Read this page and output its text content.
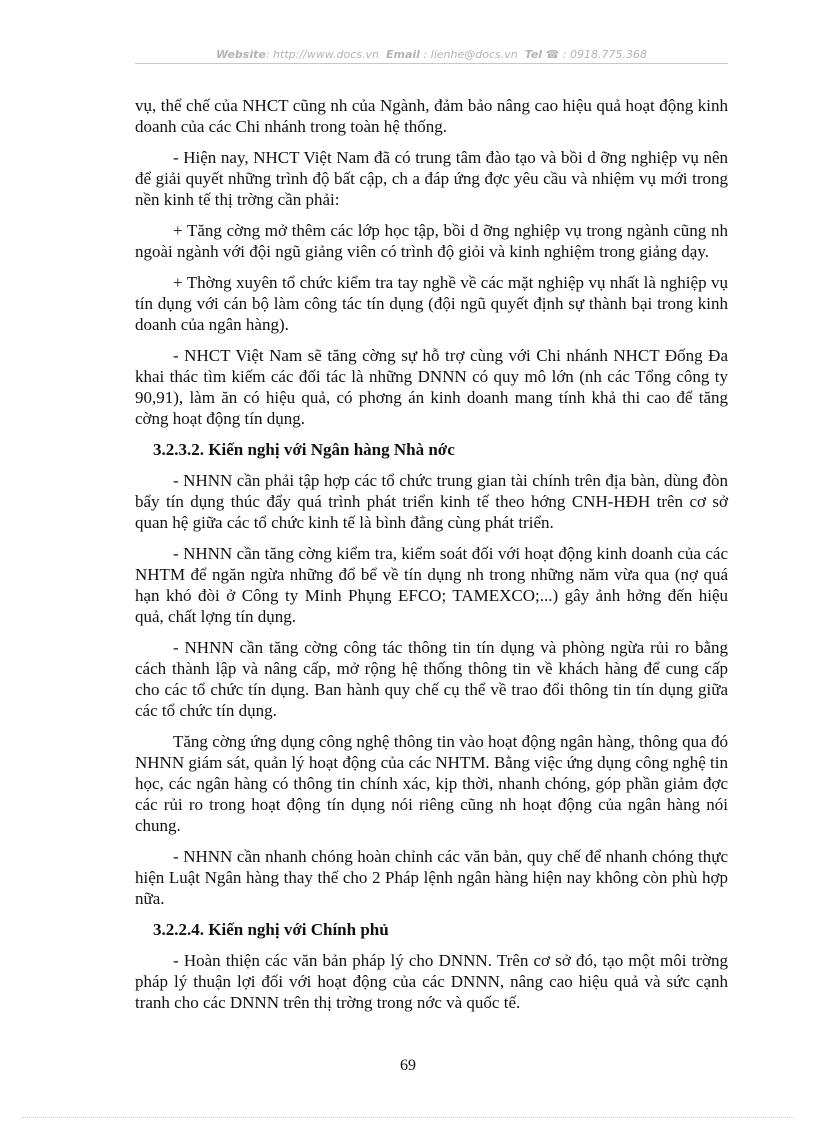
Website: http://www.docs.vn Email : lienhe@docs.vn Tel ☎ : 0918.775.368

vụ, thể chế của NHCT cũng nh của Ngành, đảm bảo nâng cao hiệu quả hoạt động kinh doanh của các Chi nhánh trong toàn hệ thống.

- Hiện nay, NHCT Việt Nam đã có trung tâm đào tạo và bồi d ỡng nghiệp vụ nên để giải quyết những trình độ bất cập, ch a đáp ứng đợc yêu cầu và nhiệm vụ mới trong nền kinh tế thị trờng cần phải:

+ Tăng cờng mở thêm các lớp học tập, bồi d ỡng nghiệp vụ trong ngành cũng nh ngoài ngành với đội ngũ giảng viên có trình độ giỏi và kinh nghiệm trong giảng dạy.

+ Thờng xuyên tổ chức kiểm tra tay nghề về các mặt nghiệp vụ nhất là nghiệp vụ tín dụng với cán bộ làm công tác tín dụng (đội ngũ quyết định sự thành bại trong kinh doanh của ngân hàng).

- NHCT Việt Nam sẽ tăng cờng sự hỗ trợ cùng với Chi nhánh NHCT Đống Đa khai thác tìm kiếm các đối tác là những DNNN có quy mô lớn (nh các Tổng công ty 90,91), làm ăn có hiệu quả, có phơng án kinh doanh mang tính khả thi cao để tăng cờng hoạt động tín dụng.

3.2.3.2. Kiến nghị với Ngân hàng Nhà nớc

- NHNN cần phải tập hợp các tổ chức trung gian tài chính trên địa bàn, dùng đòn bẩy tín dụng thúc đẩy quá trình phát triển kinh tế theo hớng CNH-HĐH trên cơ sở quan hệ giữa các tổ chức kinh tế là bình đẳng cùng phát triển.

- NHNN cần tăng cờng kiểm tra, kiểm soát đối với hoạt động kinh doanh của các NHTM để ngăn ngừa những đổ bể về tín dụng nh trong những năm vừa qua (nợ quá hạn khó đòi ở Công ty Minh Phụng EFCO; TAMEXCO;...) gây ảnh hởng đến hiệu quả, chất lợng tín dụng.

- NHNN cần tăng cờng công tác thông tin tín dụng và phòng ngừa rủi ro bằng cách thành lập và nâng cấp, mở rộng hệ thống thông tin về khách hàng để cung cấp cho các tổ chức tín dụng. Ban hành quy chế cụ thể về trao đổi thông tin tín dụng giữa các tổ chức tín dụng.

Tăng cờng ứng dụng công nghệ thông tin vào hoạt động ngân hàng, thông qua đó NHNN giám sát, quản lý hoạt động của các NHTM. Bằng việc ứng dụng công nghệ tin học, các ngân hàng có thông tin chính xác, kịp thời, nhanh chóng, góp phần giảm đợc các rủi ro trong hoạt động tín dụng nói riêng cũng nh hoạt động của ngân hàng nói chung.

- NHNN cần nhanh chóng hoàn chỉnh các văn bản, quy chế để nhanh chóng thực hiện Luật Ngân hàng thay thế cho 2 Pháp lệnh ngân hàng hiện nay không còn phù hợp nữa.

3.2.2.4. Kiến nghị với Chính phủ

- Hoàn thiện các văn bản pháp lý cho DNNN. Trên cơ sở đó, tạo một môi trờng pháp lý thuận lợi đối với hoạt động của các DNNN, nâng cao hiệu quả và sức cạnh tranh cho các DNNN trên thị trờng trong nớc và quốc tế.

69
